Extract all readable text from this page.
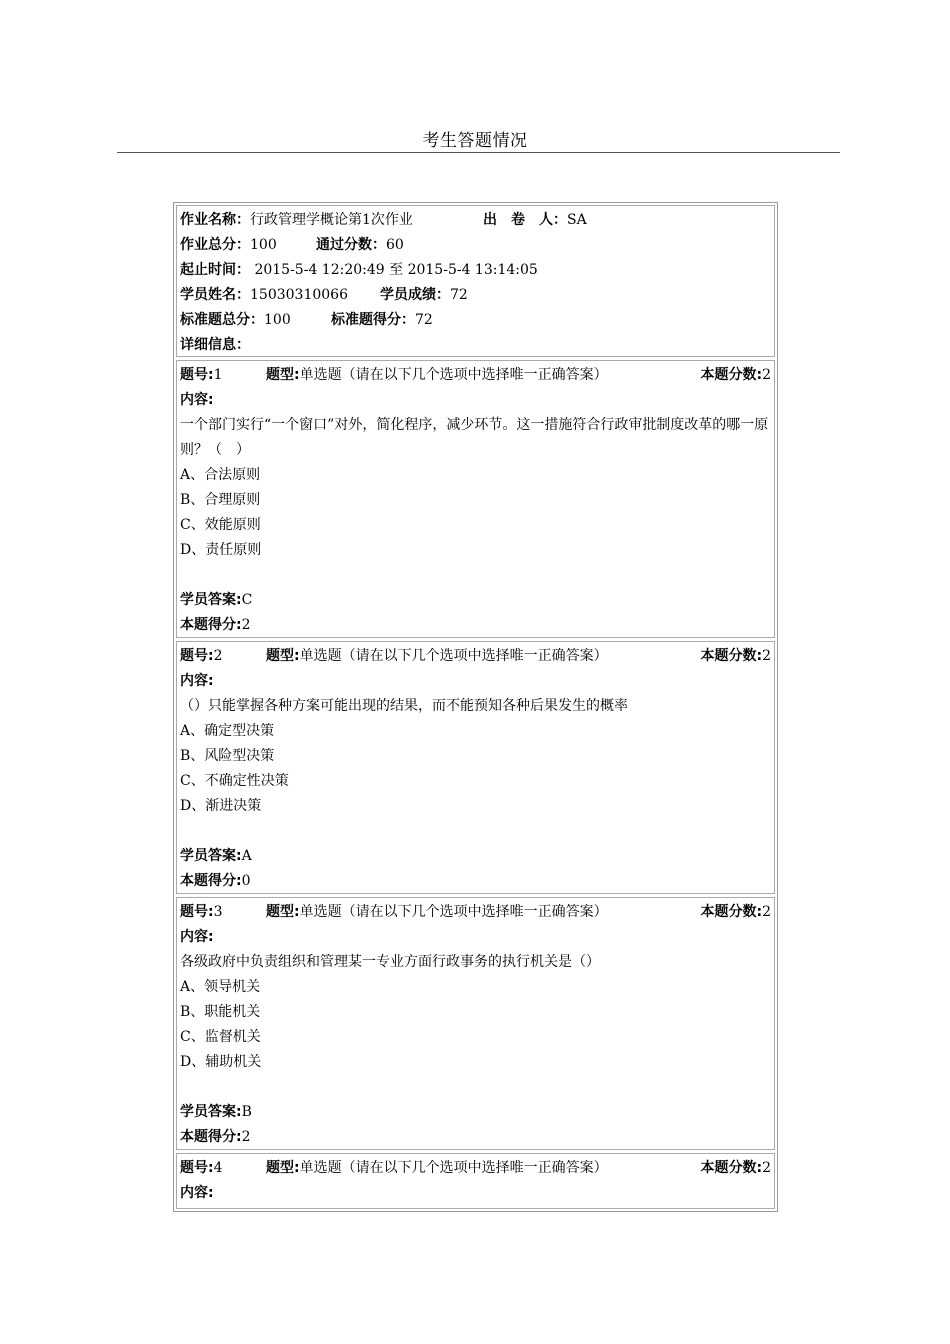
考生答题情况
作业名称：行政管理学概论第1次作业	出　卷　人：SA
作业总分：100	通过分数：60
起止时间： 2015-5-4 12:20:49 至 2015-5-4 13:14:05
学员姓名：15030310066 学员成绩：72
标准题总分：100	标准题得分：72
详细信息：
题号:1	题型:单选题（请在以下几个选项中选择唯一正确答案）	本题分数:2
内容:
一个部门实行“一个窗口”对外，简化程序，减少环节。这一措施符合行政审批制度改革的哪一原则？（　）
A、合法原则
B、合理原则
C、效能原则
D、责任原则
学员答案:C
本题得分:2
题号:2	题型:单选题（请在以下几个选项中选择唯一正确答案）	本题分数:2
内容:
（）只能掌握各种方案可能出现的结果，而不能预知各种后果发生的概率
A、确定型决策
B、风险型决策
C、不确定性决策
D、渐进决策
学员答案:A
本题得分:0
题号:3	题型:单选题（请在以下几个选项中选择唯一正确答案）	本题分数:2
内容:
各级政府中负责组织和管理某一专业方面行政事务的执行机关是（）
A、领导机关
B、职能机关
C、监督机关
D、辅助机关
学员答案:B
本题得分:2
题号:4	题型:单选题（请在以下几个选项中选择唯一正确答案）	本题分数:2
内容:
